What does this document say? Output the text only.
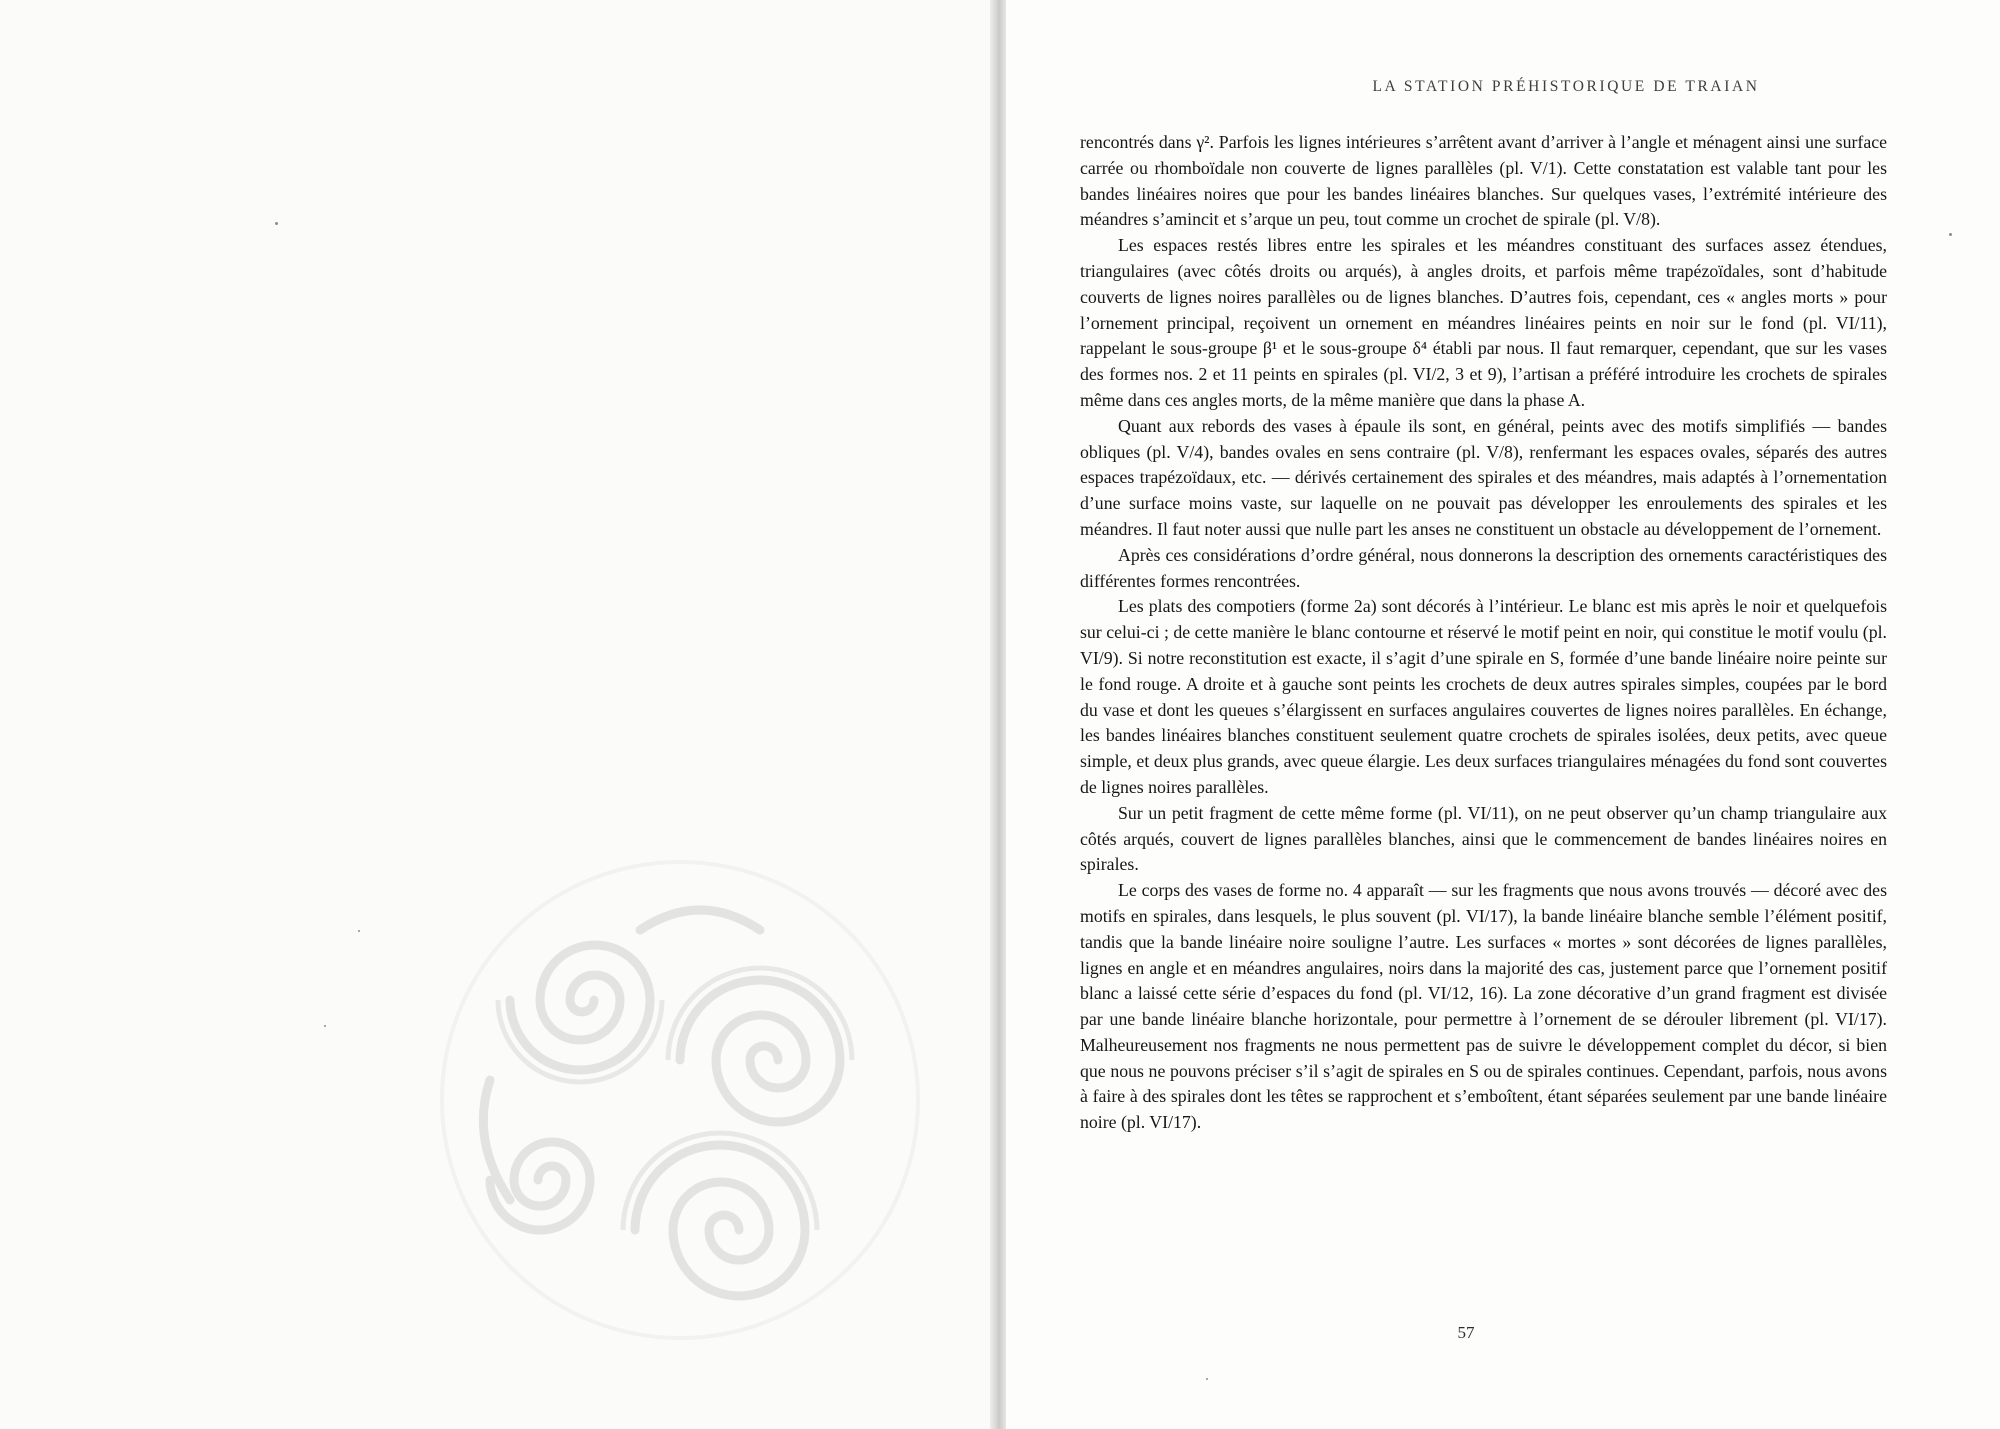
LA STATION PRÉHISTORIQUE DE TRAIAN

rencontrés dans γ². Parfois les lignes intérieures s’arrêtent avant d’arriver à l’angle et ménagent ainsi une surface carrée ou rhomboïdale non couverte de lignes parallèles (pl. V/1). Cette constatation est valable tant pour les bandes linéaires noires que pour les bandes linéaires blanches. Sur quelques vases, l’extrémité intérieure des méandres s’amincit et s’arque un peu, tout comme un crochet de spirale (pl. V/8).

Les espaces restés libres entre les spirales et les méandres constituant des surfaces assez étendues, triangulaires (avec côtés droits ou arqués), à angles droits, et parfois même trapézoïdales, sont d’habitude couverts de lignes noires parallèles ou de lignes blanches. D’autres fois, cependant, ces « angles morts » pour l’ornement principal, reçoivent un ornement en méandres linéaires peints en noir sur le fond (pl. VI/11), rappelant le sous-groupe β¹ et le sous-groupe δ⁴ établi par nous. Il faut remarquer, cependant, que sur les vases des formes nos. 2 et 11 peints en spirales (pl. VI/2, 3 et 9), l’artisan a préféré introduire les crochets de spirales même dans ces angles morts, de la même manière que dans la phase A.

Quant aux rebords des vases à épaule ils sont, en général, peints avec des motifs simplifiés — bandes obliques (pl. V/4), bandes ovales en sens contraire (pl. V/8), renfermant les espaces ovales, séparés des autres espaces trapézoïdaux, etc. — dérivés certainement des spirales et des méandres, mais adaptés à l’ornementation d’une surface moins vaste, sur laquelle on ne pouvait pas développer les enroulements des spirales et les méandres. Il faut noter aussi que nulle part les anses ne constituent un obstacle au développement de l’ornement.

Après ces considérations d’ordre général, nous donnerons la description des ornements caractéristiques des différentes formes rencontrées.

Les plats des compotiers (forme 2a) sont décorés à l’intérieur. Le blanc est mis après le noir et quelquefois sur celui-ci ; de cette manière le blanc contourne et réservé le motif peint en noir, qui constitue le motif voulu (pl. VI/9). Si notre reconstitution est exacte, il s’agit d’une spirale en S, formée d’une bande linéaire noire peinte sur le fond rouge. A droite et à gauche sont peints les crochets de deux autres spirales simples, coupées par le bord du vase et dont les queues s’élargissent en surfaces angulaires couvertes de lignes noires parallèles. En échange, les bandes linéaires blanches constituent seulement quatre crochets de spirales isolées, deux petits, avec queue simple, et deux plus grands, avec queue élargie. Les deux surfaces triangulaires ménagées du fond sont couvertes de lignes noires parallèles.

Sur un petit fragment de cette même forme (pl. VI/11), on ne peut observer qu’un champ triangulaire aux côtés arqués, couvert de lignes parallèles blanches, ainsi que le commencement de bandes linéaires noires en spirales.

Le corps des vases de forme no. 4 apparaît — sur les fragments que nous avons trouvés — décoré avec des motifs en spirales, dans lesquels, le plus souvent (pl. VI/17), la bande linéaire blanche semble l’élément positif, tandis que la bande linéaire noire souligne l’autre. Les surfaces « mortes » sont décorées de lignes parallèles, lignes en angle et en méandres angulaires, noirs dans la majorité des cas, justement parce que l’ornement positif blanc a laissé cette série d’espaces du fond (pl. VI/12, 16). La zone décorative d’un grand fragment est divisée par une bande linéaire blanche horizontale, pour permettre à l’ornement de se dérouler librement (pl. VI/17). Malheureusement nos fragments ne nous permettent pas de suivre le développement complet du décor, si bien que nous ne pouvons préciser s’il s’agit de spirales en S ou de spirales continues. Cependant, parfois, nous avons à faire à des spirales dont les têtes se rapprochent et s’emboîtent, étant séparées seulement par une bande linéaire noire (pl. VI/17).

57
